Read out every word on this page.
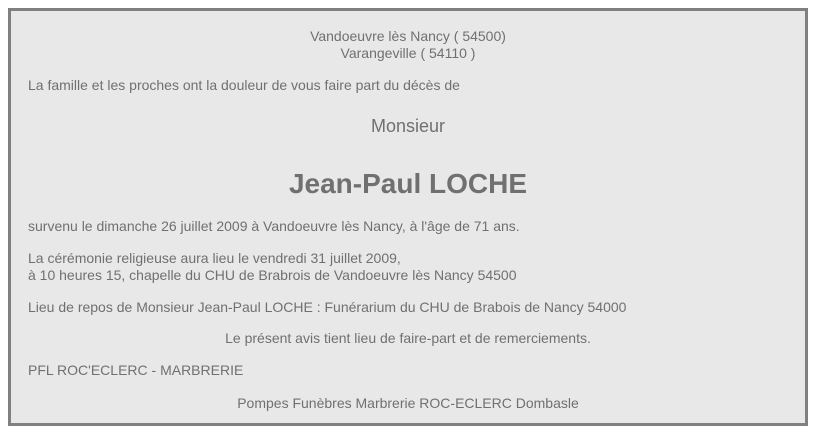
Vandoeuvre lès Nancy ( 54500)
Varangeville ( 54110 )
La famille et les proches ont la douleur de vous faire part du décès de
Monsieur
Jean-Paul LOCHE
survenu le dimanche 26 juillet 2009 à Vandoeuvre lès Nancy, à l'âge de 71 ans.
La cérémonie religieuse aura lieu le vendredi 31 juillet 2009,
à 10 heures 15, chapelle du CHU de Brabrois de Vandoeuvre lès Nancy 54500
Lieu de repos de Monsieur Jean-Paul LOCHE : Funérarium du CHU de Brabois de Nancy 54000
Le présent avis tient lieu de faire-part et de remerciements.
PFL ROC'ECLERC - MARBRERIE
Pompes Funèbres Marbrerie ROC-ECLERC Dombasle
